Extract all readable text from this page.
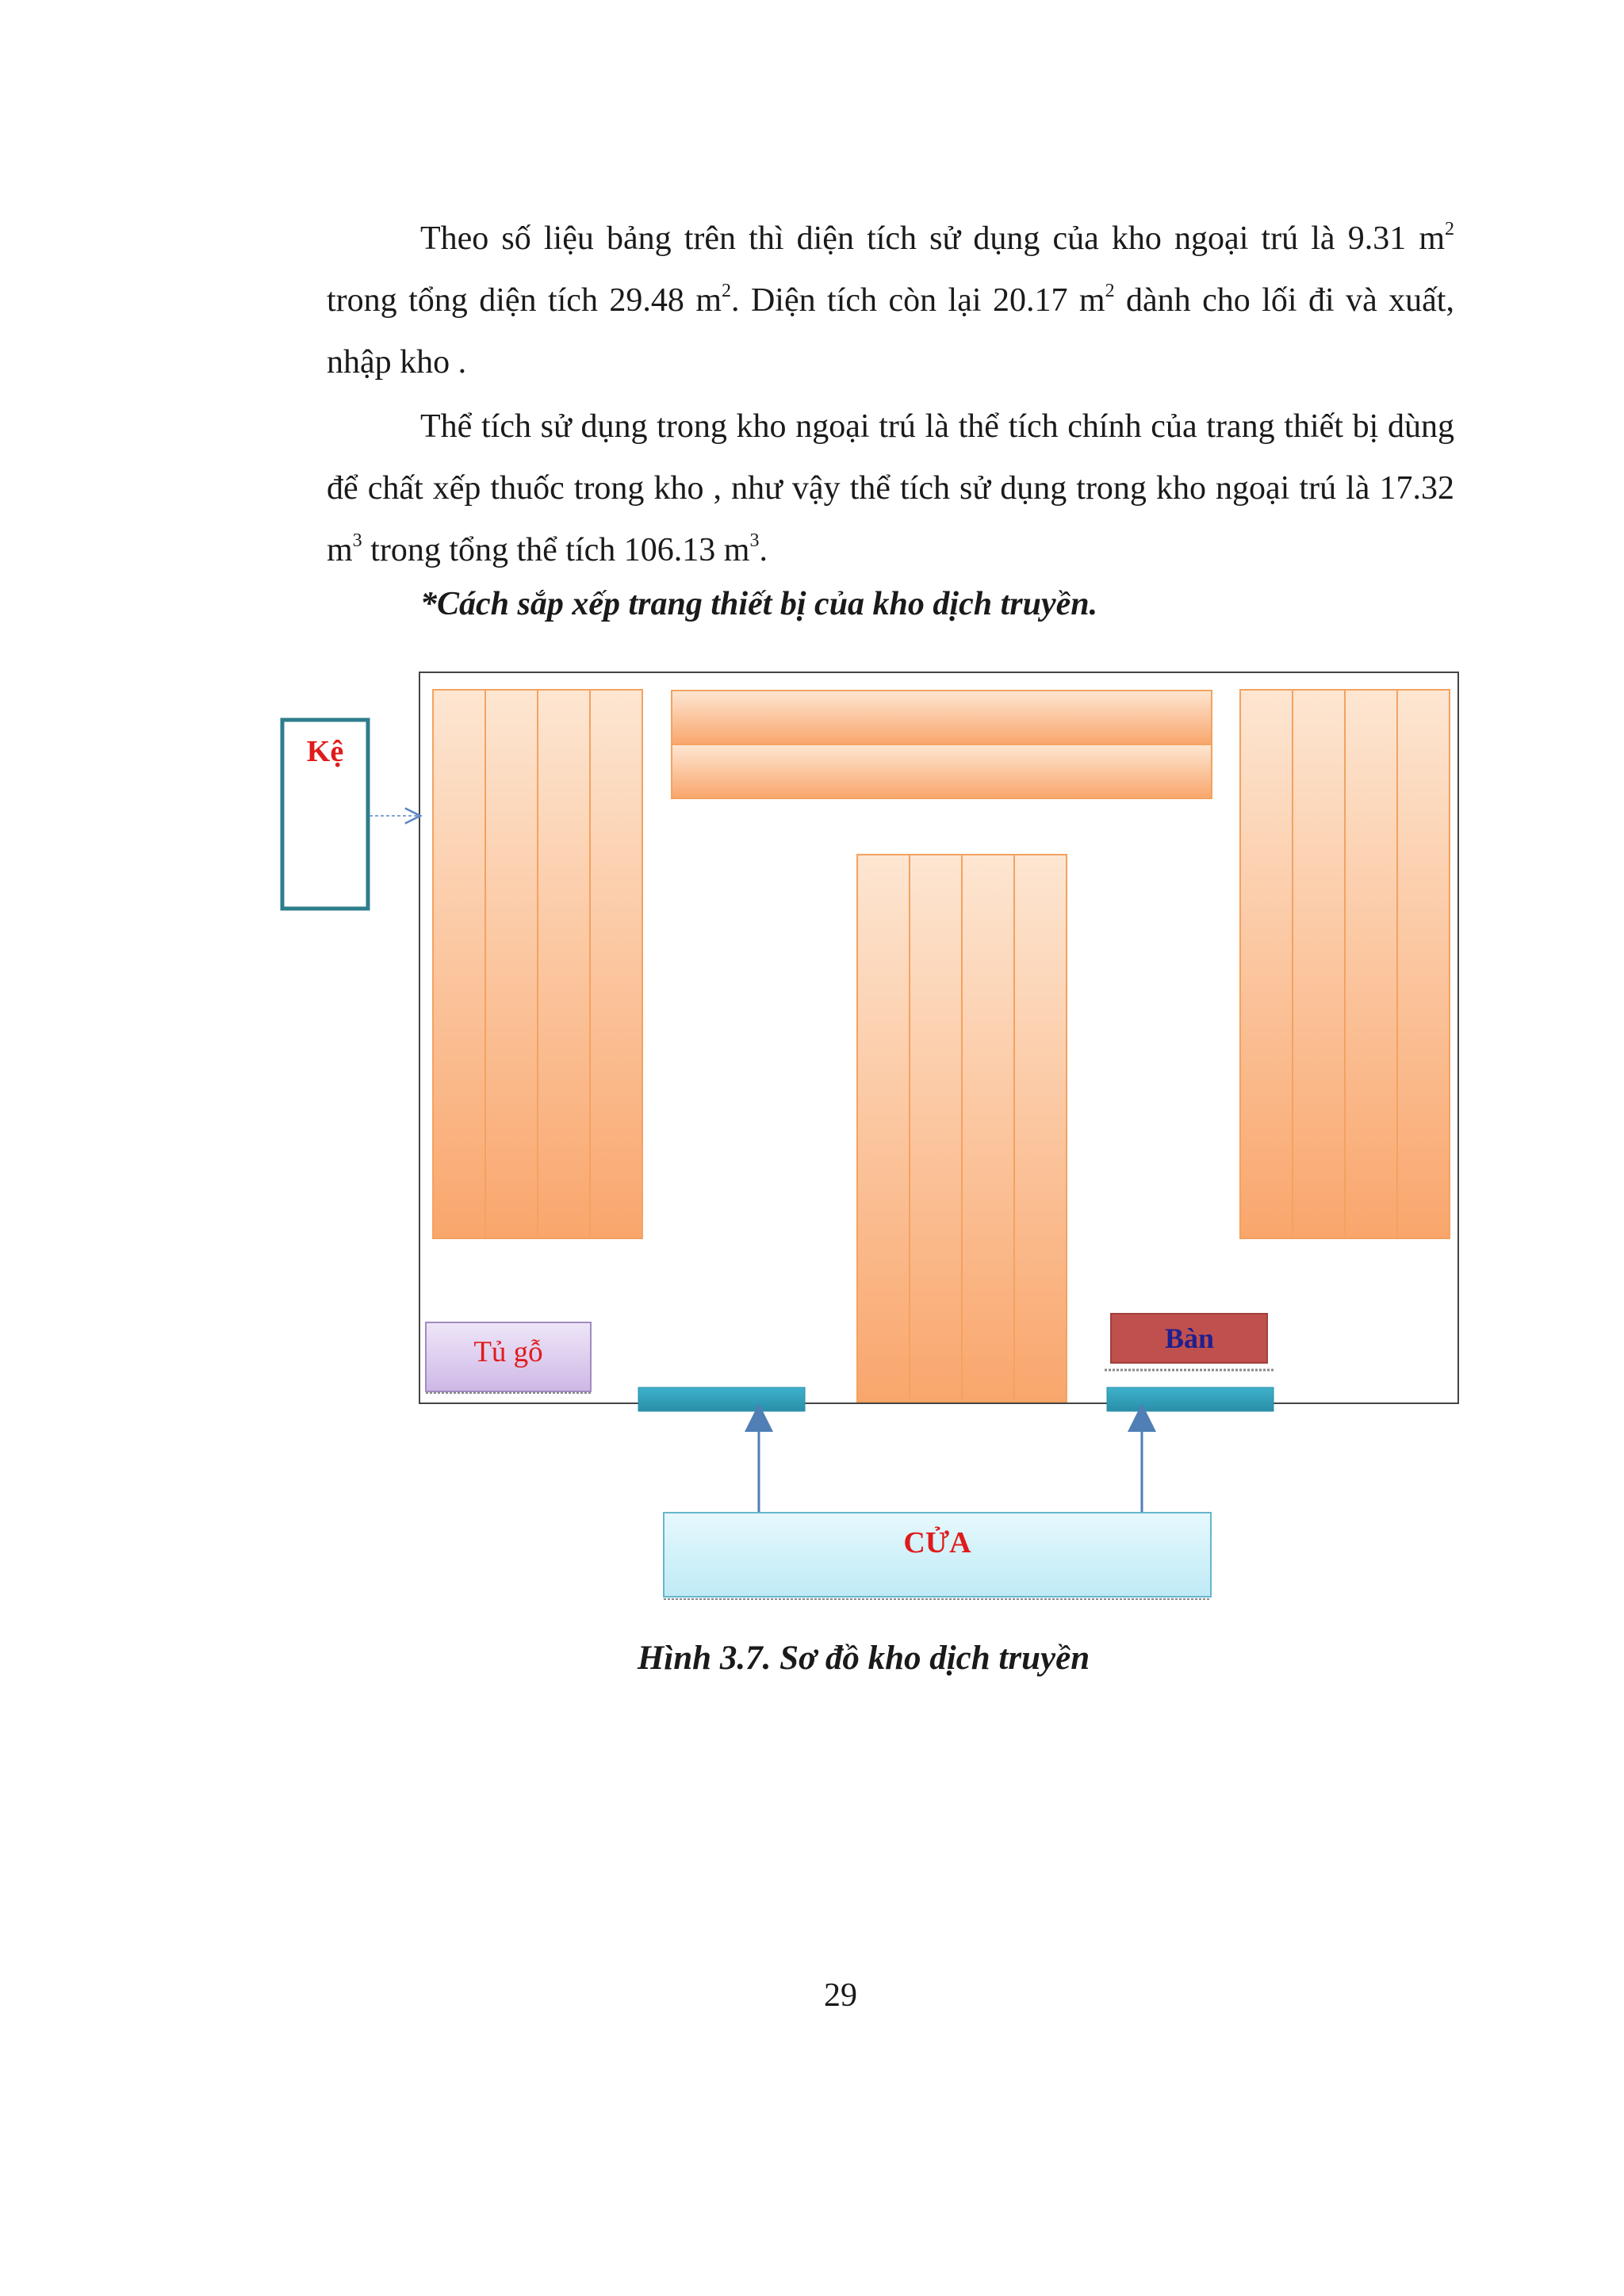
Theo số liệu bảng trên thì diện tích sử dụng của kho ngoại trú là 9.31 $m^2$ trong tổng diện tích 29.48 $m^2$. Diện tích còn lại 20.17 $m^2$ dành cho lối đi và xuất, nhập kho .

Thể tích sử dụng trong kho ngoại trú là thể tích chính của trang thiết bị dùng để chất xếp thuốc trong kho , như vậy thể tích sử dụng trong kho ngoại trú là 17.32 $m^3$ trong tổng thể tích 106.13 $m^3$.

*Cách sắp xếp trang thiết bị của kho dịch truyền.

Kệ
Tủ gỗ	Bàn
CỬA

Hình 3.7. Sơ đồ kho dịch truyền

29
